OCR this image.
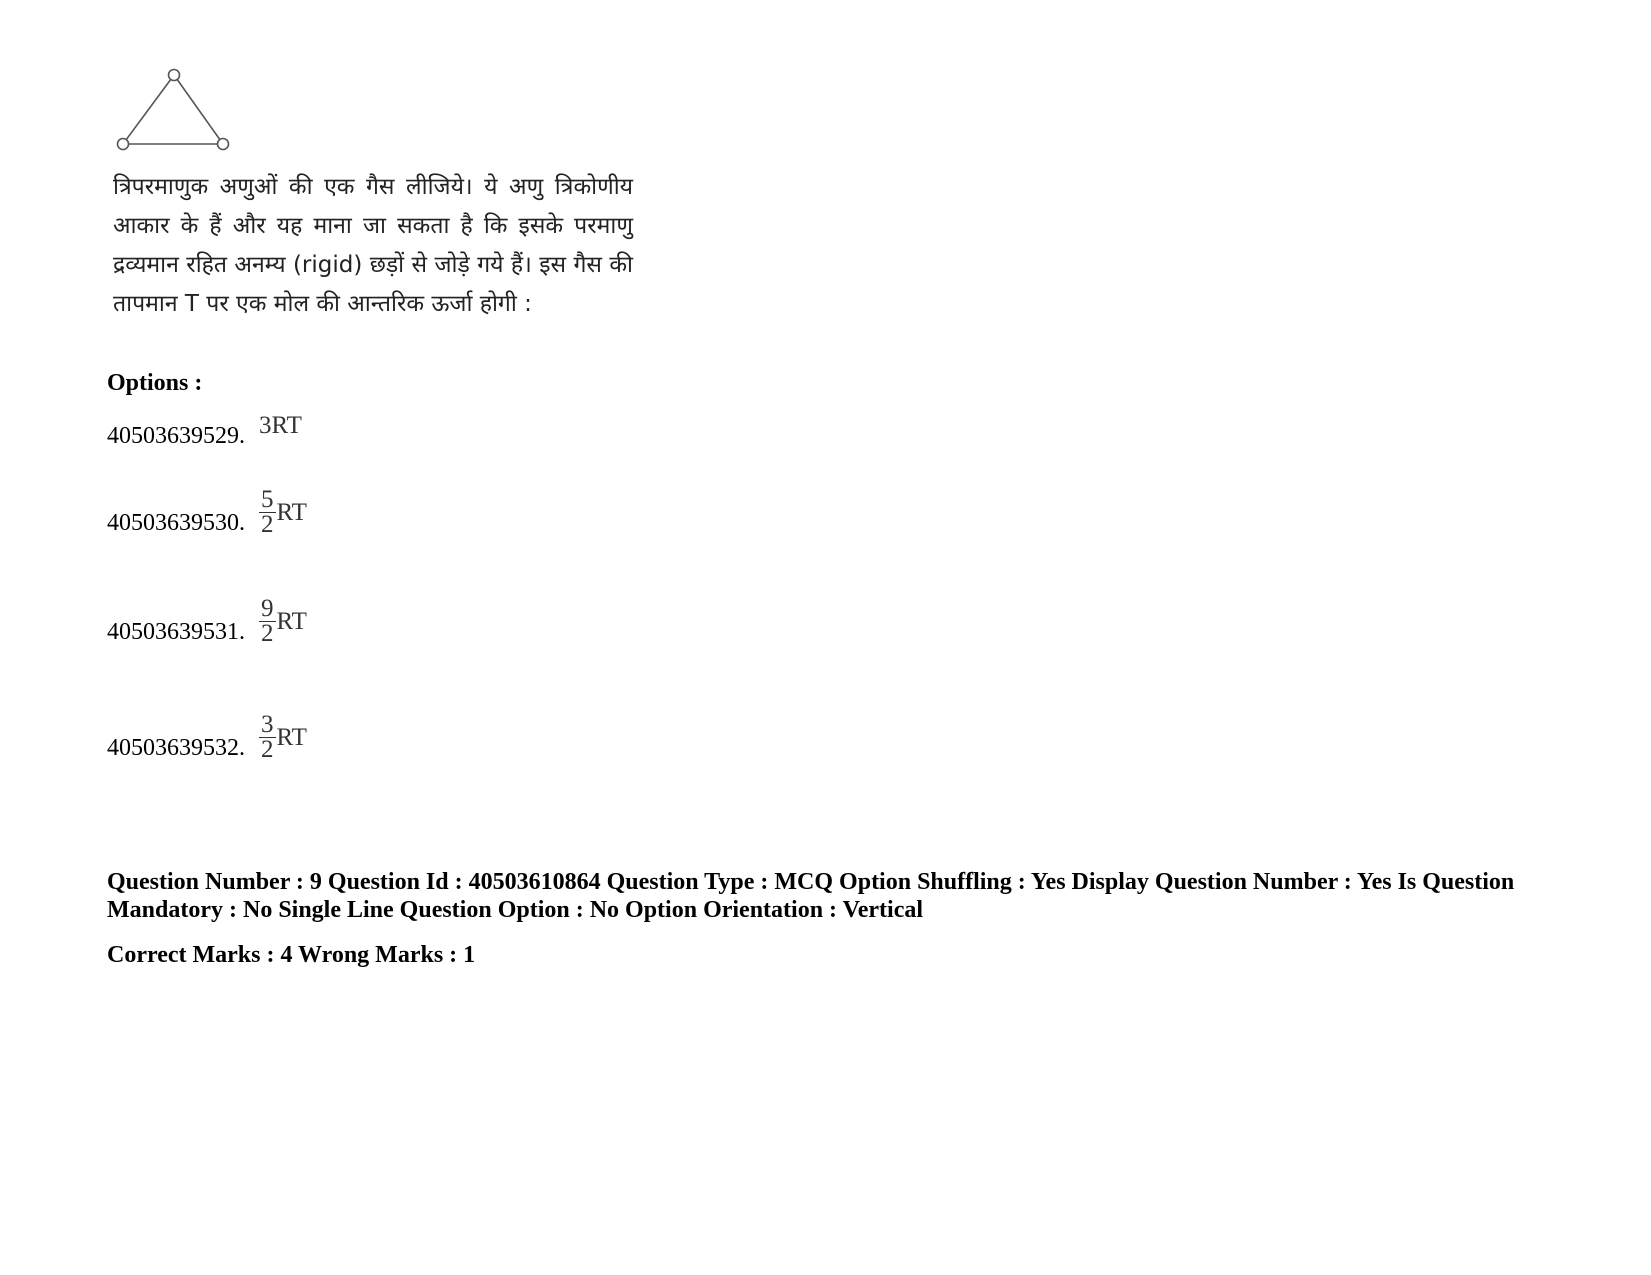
त्रिपरमाणुक अणुओं की एक गैस लीजिये। ये अणु त्रिकोणीय आकार के हैं और यह माना जा सकता है कि इसके परमाणु द्रव्यमान रहित अनम्य (rigid) छड़ों से जोड़े गये हैं। इस गैस की तापमान T पर एक मोल की आन्तरिक ऊर्जा होगी :

Options :

40503639529. 3RT
40503639530. $\frac{5}{2}$ RT
40503639531. $\frac{9}{2}$ RT
40503639532. $\frac{3}{2}$ RT

Question Number : 9 Question Id : 40503610864 Question Type : MCQ Option Shuffling : Yes Display Question Number : Yes Is Question Mandatory : No Single Line Question Option : No Option Orientation : Vertical

Correct Marks : 4 Wrong Marks : 1
